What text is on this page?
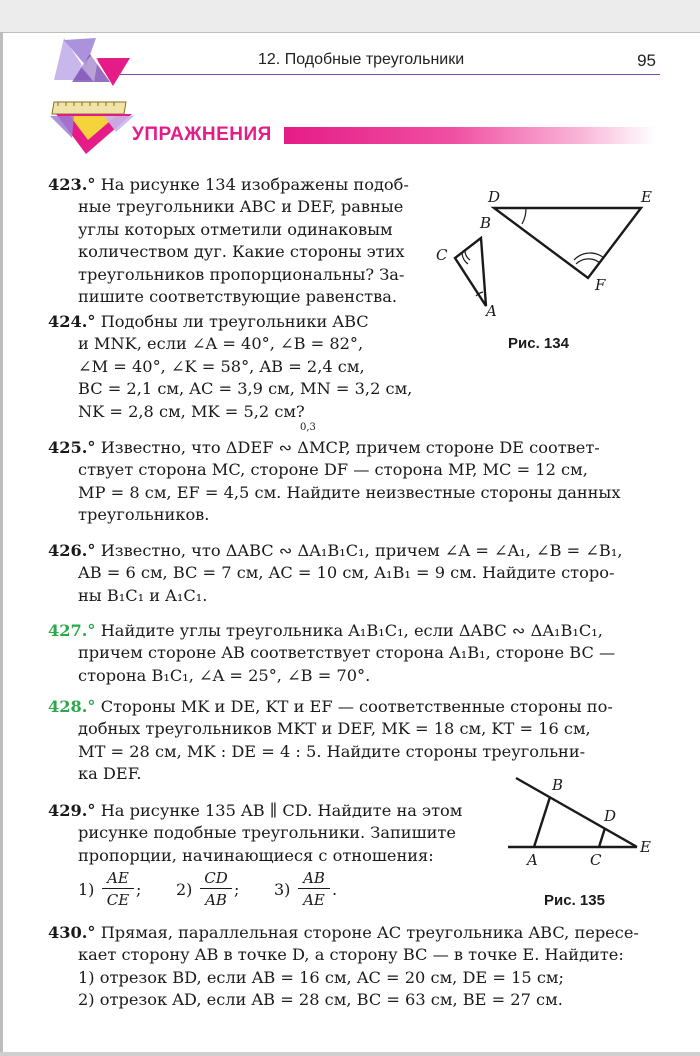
12. Подобные треугольники	95
УПРАЖНЕНИЯ
423.° На рисунке 134 изображены подоб-
ные треугольники ABC и DEF, равные
углы которых отметили одинаковым
количеством дуг. Какие стороны этих
треугольников пропорциональны? За-
пишите соответствующие равенства.
424.° Подобны ли треугольники ABC
и MNK, если ∠A = 40°, ∠B = 82°,
∠M = 40°, ∠K = 58°, AB = 2,4 см,
BC = 2,1 см, AC = 3,9 см, MN = 3,2 см,
NK = 2,8 см, MK = 5,2 см?
D	E
B
C
F
A
Рис. 134
0,3
425.° Известно, что ΔDEF ∾ ΔMCP, причем стороне DE соответ-
ствует сторона MC, стороне DF — сторона MP, MC = 12 см,
MP = 8 см, EF = 4,5 см. Найдите неизвестные стороны данных
треугольников.
426.° Известно, что ΔABC ∾ ΔA₁B₁C₁, причем ∠A = ∠A₁, ∠B = ∠B₁,
AB = 6 см, BC = 7 см, AC = 10 см, A₁B₁ = 9 см. Найдите сторо-
ны B₁C₁ и A₁C₁.
427.° Найдите углы треугольника A₁B₁C₁, если ΔABC ∾ ΔA₁B₁C₁,
причем стороне AB соответствует сторона A₁B₁, стороне BC —
сторона B₁C₁, ∠A = 25°, ∠B = 70°.
428.° Стороны MK и DE, KT и EF — соответственные стороны по-
добных треугольников MKT и DEF, MK = 18 см, KT = 16 см,
MT = 28 см, MK : DE = 4 : 5. Найдите стороны треугольни-
ка DEF.
429.° На рисунке 135 AB ∥ CD. Найдите на этом
рисунке подобные треугольники. Запишите
пропорции, начинающиеся с отношения:
$1) \frac{AE}{CE}$ ; $2) \frac{CD}{AB}$ ; $3) \frac{AB}{AE}$ .
B
D
E
A	C
Рис. 135
430.° Прямая, параллельная стороне AC треугольника ABC, пересе-
кает сторону AB в точке D, а сторону BC — в точке E. Найдите:
1) отрезок BD, если AB = 16 см, AC = 20 см, DE = 15 см;
2) отрезок AD, если AB = 28 см, BC = 63 см, BE = 27 см.
